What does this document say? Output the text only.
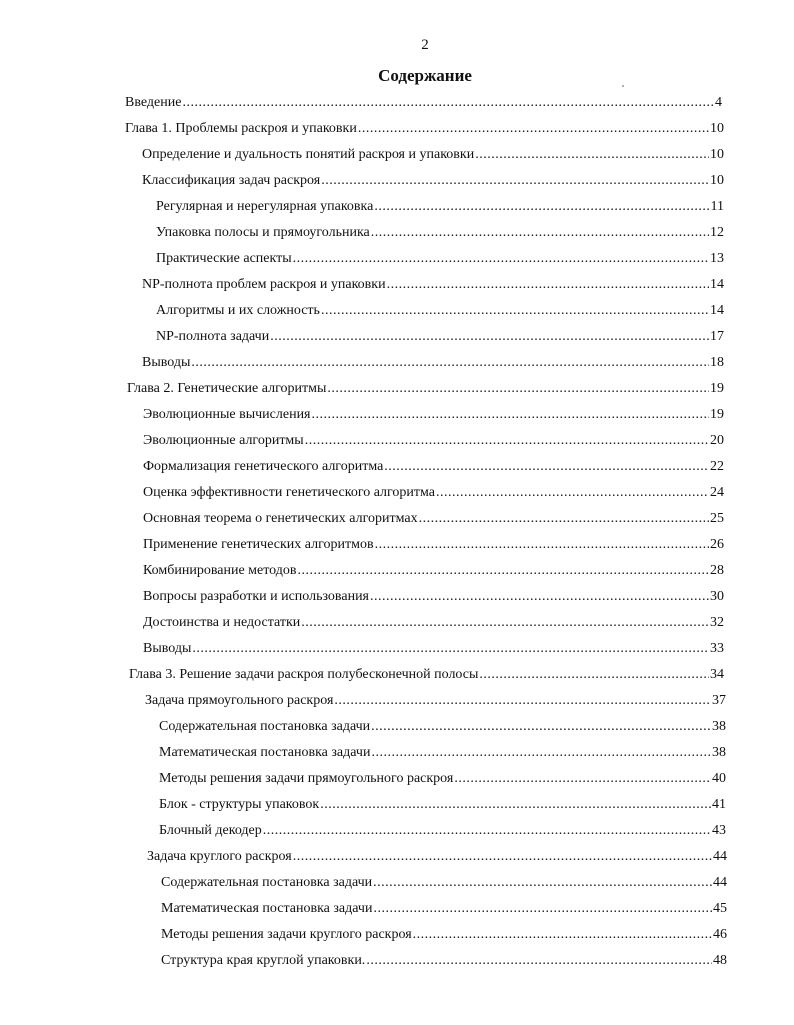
2
Содержание
Введение .....	4
Глава 1. Проблемы раскроя и упаковки .....	10
Определение и дуальность понятий раскроя и упаковки .....	10
Классификация задач раскроя .....	10
Регулярная и нерегулярная упаковка .....	11
Упаковка полосы и прямоугольника .....	12
Практические аспекты .....	13
NP-полнота проблем раскроя и упаковки .....	14
Алгоритмы и их сложность .....	14
NP-полнота задачи .....	17
Выводы .....	18
Глава 2. Генетические алгоритмы .....	19
Эволюционные вычисления .....	19
Эволюционные алгоритмы .....	20
Формализация генетического алгоритма .....	22
Оценка эффективности генетического алгоритма .....	24
Основная теорема о генетических алгоритмах .....	25
Применение генетических алгоритмов .....	26
Комбинирование методов .....	28
Вопросы разработки и использования .....	30
Достоинства и недостатки .....	32
Выводы .....	33
Глава 3. Решение задачи раскроя полубесконечной полосы .....	34
Задача прямоугольного раскроя .....	37
Содержательная постановка задачи .....	38
Математическая постановка задачи .....	38
Методы решения задачи прямоугольного раскроя .....	40
Блок - структуры упаковок .....	41
Блочный декодер .....	43
Задача круглого раскроя .....	44
Содержательная постановка задачи .....	44
Математическая постановка задачи .....	45
Методы решения задачи круглого раскроя .....	46
Структура края круглой упаковки. .....	48
